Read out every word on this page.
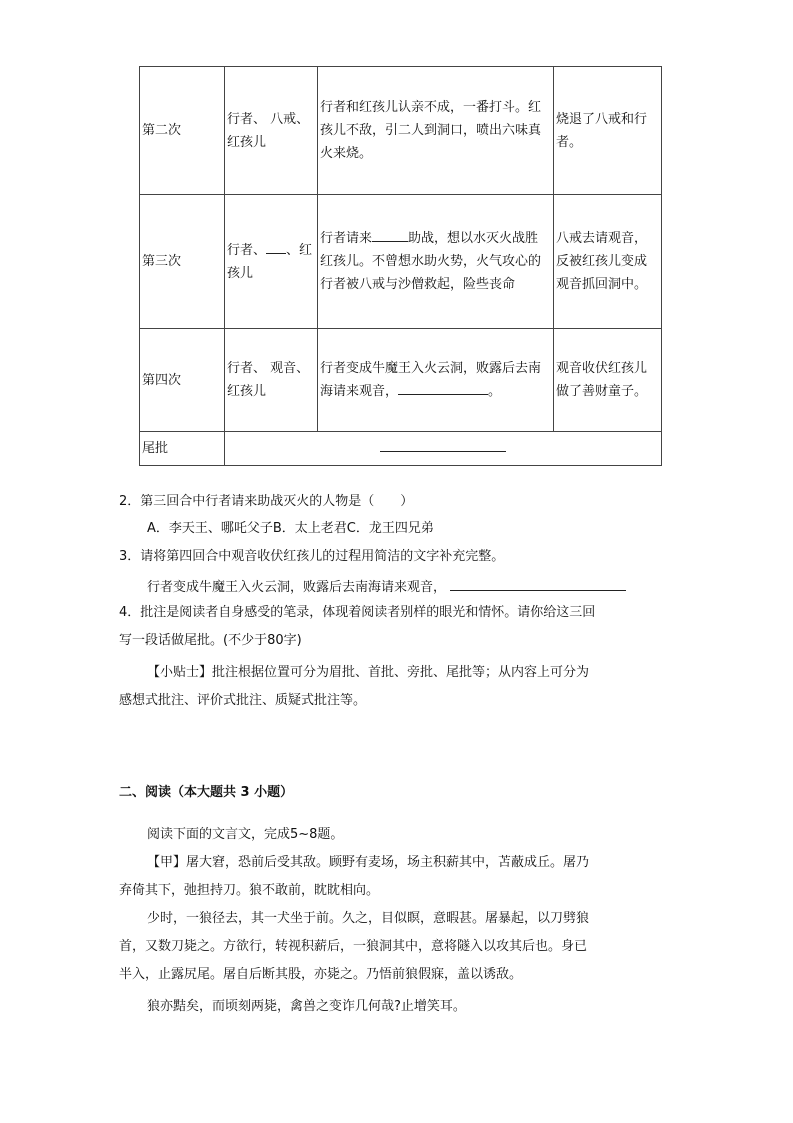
第二次	行者、 八戒、红孩儿	行者和红孩儿认亲不成，一番打斗。红孩儿不敌，引二人到洞口，喷出六味真火来烧。	烧退了八戒和行者。
第三次	行者、 、红孩儿	行者请来 助战，想以水灭火战胜红孩儿。不曾想水助火势，火气攻心的行者被八戒与沙僧救起，险些丧命	八戒去请观音，反被红孩儿变成观音抓回洞中。
第四次	行者、 观音、红孩儿	行者变成牛魔王入火云洞，败露后去南海请来观音， 。	观音收伏红孩儿做了善财童子。
尾批			
2．第三回合中行者请来助战灭火的人物是（　　）
A．李天王、哪吒父子B．太上老君C．龙王四兄弟
3．请将第四回合中观音收伏红孩儿的过程用简洁的文字补充完整。
行者变成牛魔王入火云洞，败露后去南海请来观音，
4．批注是阅读者自身感受的笔录，体现着阅读者别样的眼光和情怀。请你给这三回
写一段话做尾批。(不少于80字)
【小贴士】批注根据位置可分为眉批、首批、旁批、尾批等；从内容上可分为
感想式批注、评价式批注、质疑式批注等。
二、阅读（本大题共 3 小题）
阅读下面的文言文，完成5~8题。
【甲】屠大窘，恐前后受其敌。顾野有麦场，场主积薪其中，苫蔽成丘。屠乃
弃倚其下，弛担持刀。狼不敢前，眈眈相向。
少时，一狼径去，其一犬坐于前。久之，目似瞑，意暇甚。屠暴起，以刀劈狼
首，又数刀毙之。方欲行，转视积薪后，一狼洞其中，意将隧入以攻其后也。身已
半入，止露尻尾。屠自后断其股，亦毙之。乃悟前狼假寐，盖以诱敌。
狼亦黠矣，而顷刻两毙，禽兽之变诈几何哉?止增笑耳。
